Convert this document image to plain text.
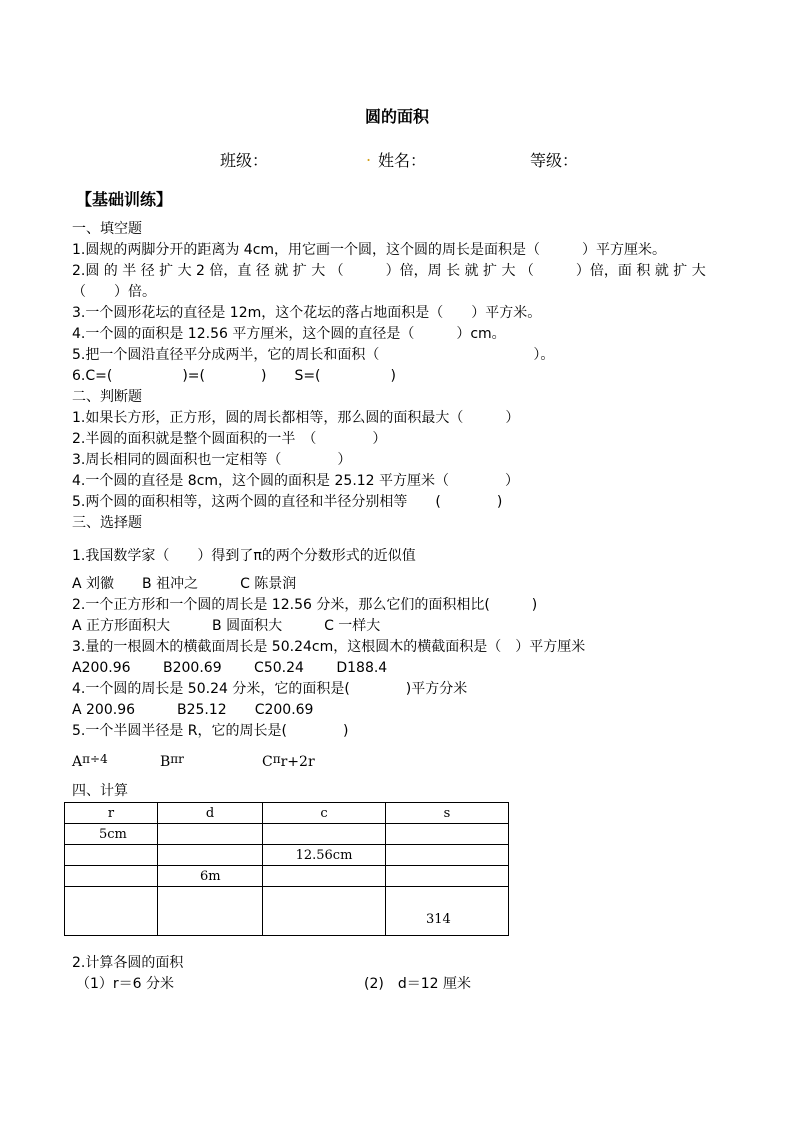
圆的面积
班级：	. 姓名：	等级：
【基础训练】
一、填空题
1.圆规的两脚分开的距离为 4cm，用它画一个圆，这个圆的周长是面积是（　　　）平方厘米。
2.圆 的 半 径 扩 大 2 倍，直 径 就 扩 大 （　　　）倍，周 长 就 扩 大 （　　　）倍，面 积 就 扩 大
（　　）倍。
3.一个圆形花坛的直径是 12m，这个花坛的落占地面积是（　　）平方米。
4.一个圆的面积是 12.56 平方厘米，这个圆的直径是（　　　）cm。
5.把一个圆沿直径平分成两半，它的周长和面积（　　　　　　　　　　　）。
6.C=(　　　　　)=(　　　　)　　S=(　　　　　)
二、判断题
1.如果长方形，正方形，圆的周长都相等，那么圆的面积最大（　　　）
2.半圆的面积就是整个圆面积的一半　（　　　　）
3.周长相同的圆面积也一定相等（　　　　）
4.一个圆的直径是 8cm，这个圆的面积是 25.12 平方厘米（　　　　）
5.两个圆的面积相等，这两个圆的直径和半径分别相等　　(　　　　)
三、选择题
1.我国数学家（　　）得到了π的两个分数形式的近似值
A 刘徽　　B 祖冲之　　　C 陈景润
2.一个正方形和一个圆的周长是 12.56 分米，那么它们的面积相比(　　　)
A 正方形面积大　　　B 圆面积大　　　C 一样大
3.量的一根圆木的横截面周长是 50.24cm，这根圆木的横截面积是（　）平方厘米
A200.96　　 B200.69　　 C50.24　　 D188.4
4.一个圆的周长是 50.24 分米，它的面积是(　　　　)平方分米
A 200.96　　　B25.12　　C200.69
5.一个半圆半径是 R，它的周长是(　　　　)
Aπ÷4	Bπr	Cπr+2r
四、计算
r	d	c	s
5cm			
		12.56cm	
	6m		
			314
2.计算各圆的面积
（1）r＝6 分米	(2)　d＝12 厘米
